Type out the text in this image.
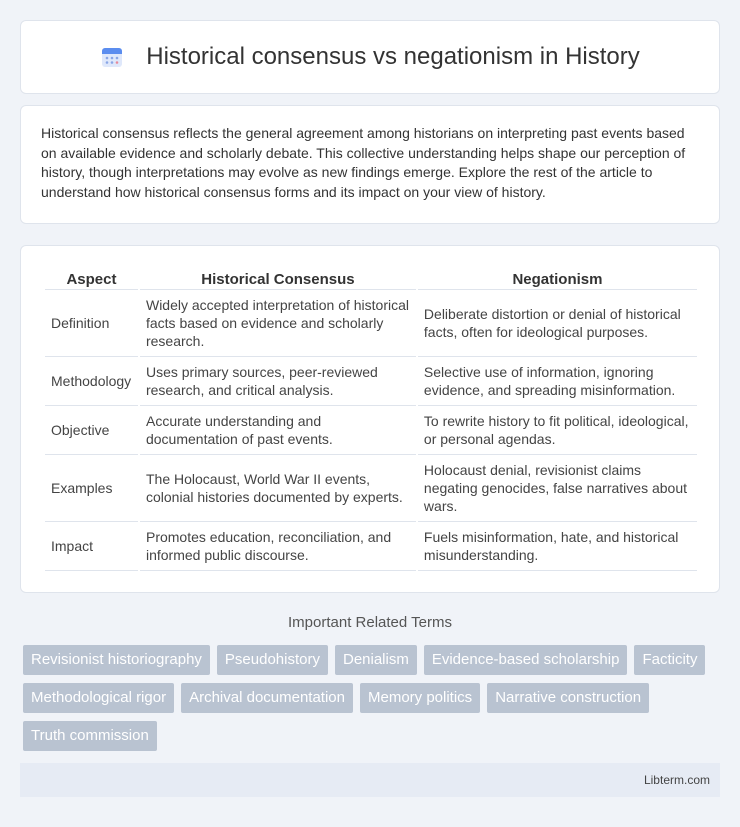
Historical consensus vs negationism in History

Historical consensus reflects the general agreement among historians on interpreting past events based on available evidence and scholarly debate. This collective understanding helps shape our perception of history, though interpretations may evolve as new findings emerge. Explore the rest of the article to understand how historical consensus forms and its impact on your view of history.

Aspect	Historical Consensus	Negationism
Definition	Widely accepted interpretation of historical facts based on evidence and scholarly research.	Deliberate distortion or denial of historical facts, often for ideological purposes.
Methodology	Uses primary sources, peer-reviewed research, and critical analysis.	Selective use of information, ignoring evidence, and spreading misinformation.
Objective	Accurate understanding and documentation of past events.	To rewrite history to fit political, ideological, or personal agendas.
Examples	The Holocaust, World War II events, colonial histories documented by experts.	Holocaust denial, revisionist claims negating genocides, false narratives about wars.
Impact	Promotes education, reconciliation, and informed public discourse.	Fuels misinformation, hate, and historical misunderstanding.
Important Related Terms
Revisionist historiography	Pseudohistory	Denialism	Evidence-based scholarship	Facticity
Methodological rigor	Archival documentation	Memory politics	Narrative construction
Truth commission
Libterm.com
